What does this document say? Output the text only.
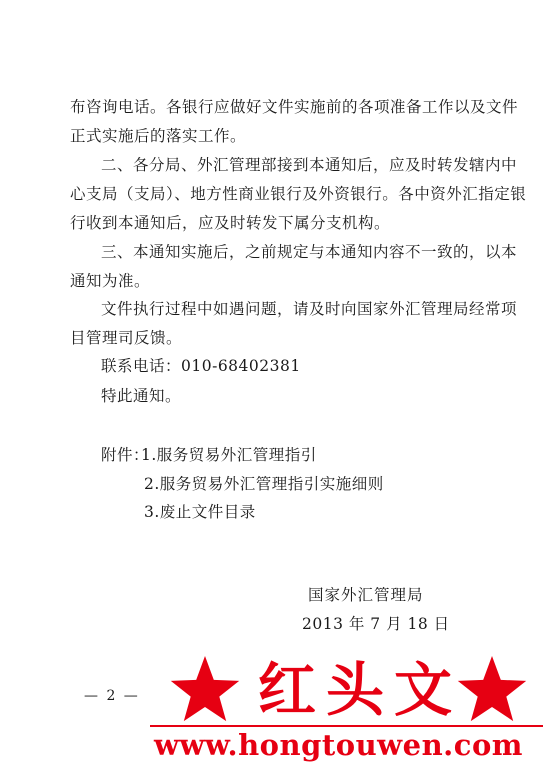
布咨询电话。各银行应做好文件实施前的各项准备工作以及文件
正式实施后的落实工作。
二、各分局、外汇管理部接到本通知后，应及时转发辖内中
心支局（支局）、地方性商业银行及外资银行。各中资外汇指定银
行收到本通知后，应及时转发下属分支机构。
三、本通知实施后，之前规定与本通知内容不一致的，以本
通知为准。
文件执行过程中如遇问题，请及时向国家外汇管理局经常项
目管理司反馈。
联系电话：010-68402381
特此通知。
附件：
1.服务贸易外汇管理指引
2.服务贸易外汇管理指引实施细则
3.废止文件目录
国家外汇管理局
2013 年 7 月 18 日
— 2 — 红头文
www.hongtouwen.com
